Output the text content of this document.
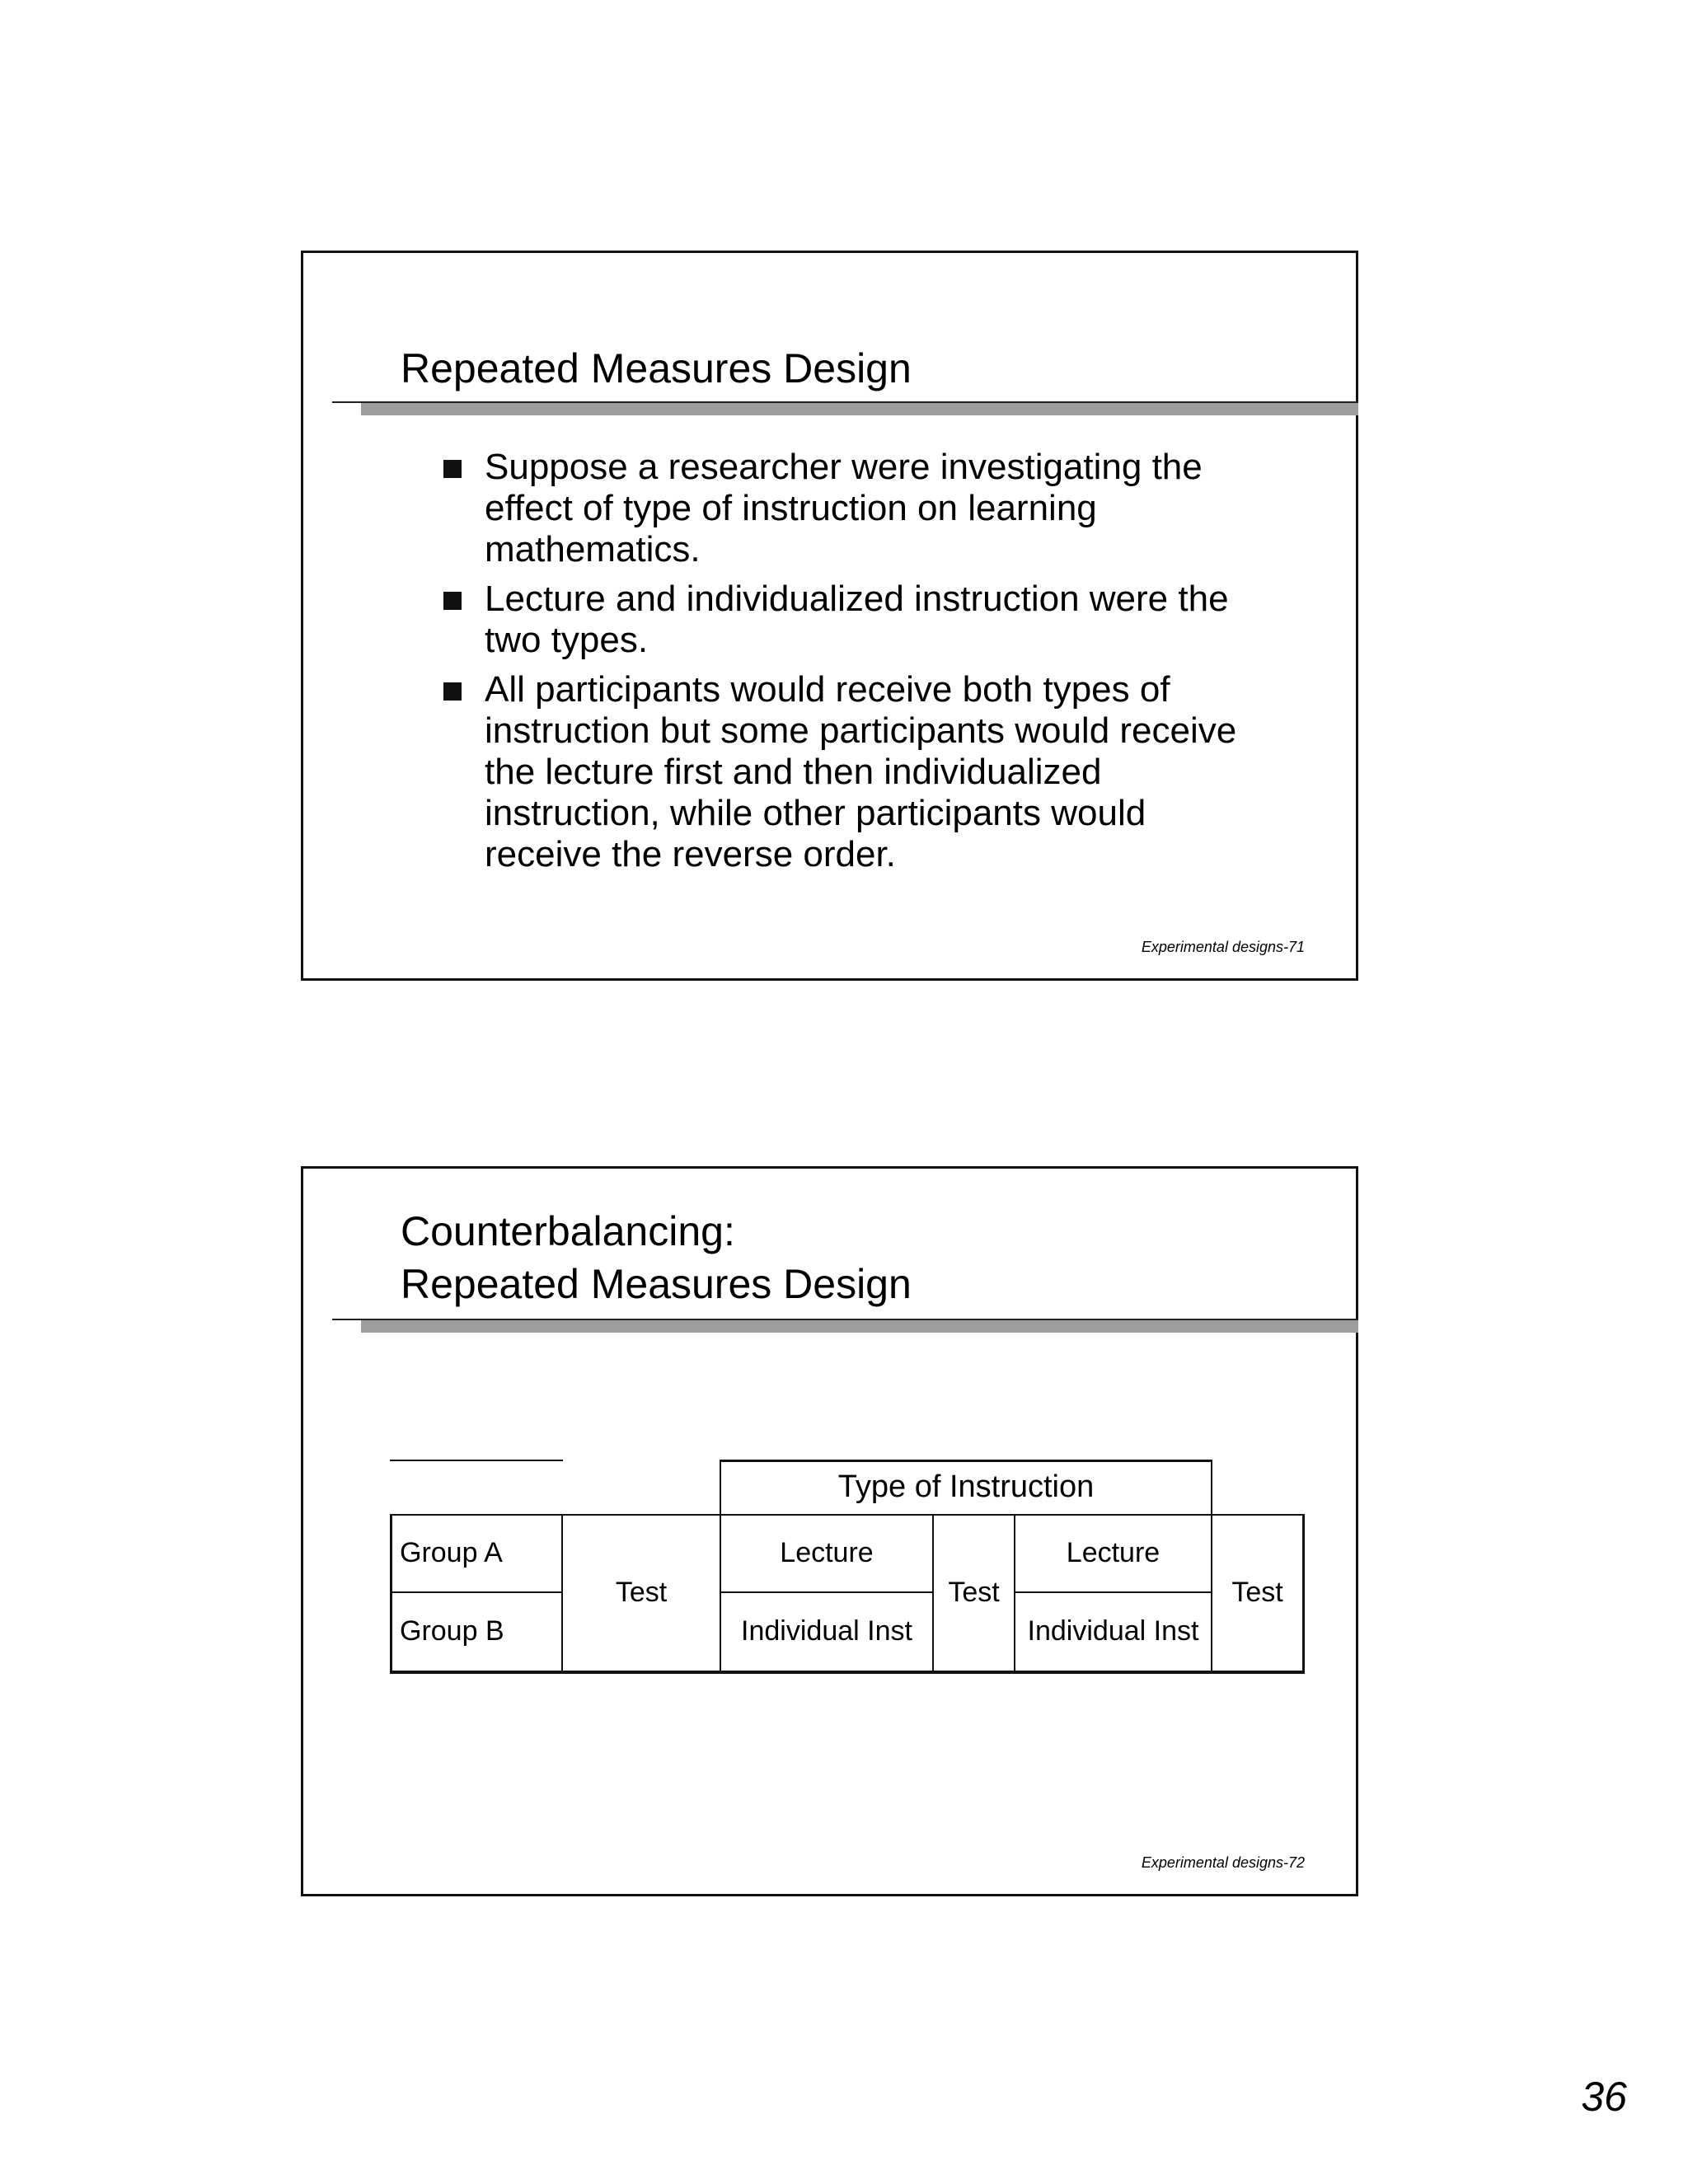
Repeated Measures Design
Suppose a researcher were investigating the effect of type of instruction on learning mathematics.
Lecture and individualized instruction were the two types.
All participants would receive both types of instruction but some participants would receive the lecture first and then individualized instruction, while other participants would receive the reverse order.
Experimental designs-71
Counterbalancing:
Repeated Measures Design
Type of Instruction
Group A
Group B
Test	Test	Test
Lecture
Individual Inst
Lecture
Individual Inst
Experimental designs-72
36
